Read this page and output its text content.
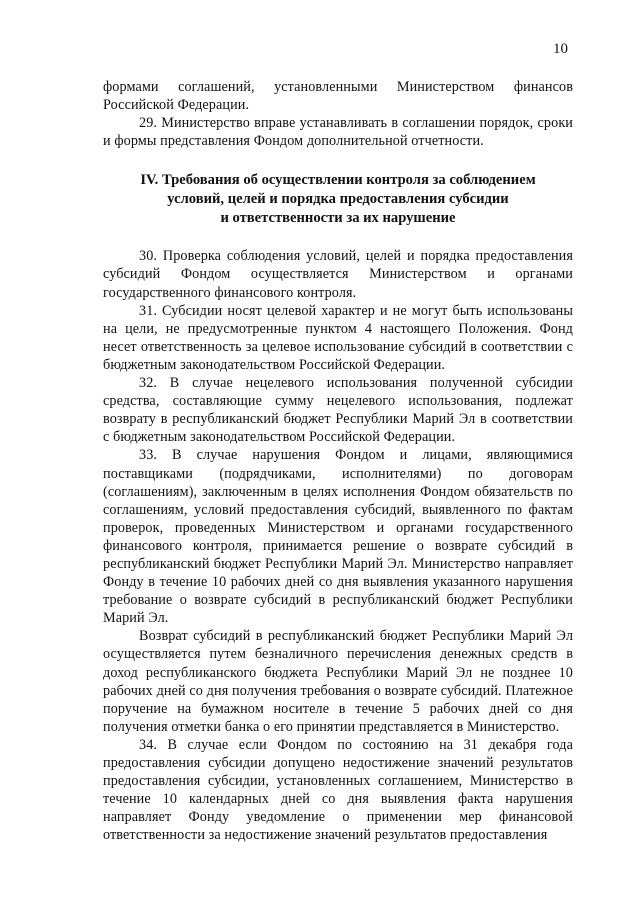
10

формами соглашений, установленными Министерством финансов Российской Федерации.

29. Министерство вправе устанавливать в соглашении порядок, сроки и формы представления Фондом дополнительной отчетности.

IV. Требования об осуществлении контроля за соблюдением
условий, целей и порядка предоставления субсидии
и ответственности за их нарушение

30. Проверка соблюдения условий, целей и порядка предоставления субсидий Фондом осуществляется Министерством и органами государственного финансового контроля.

31. Субсидии носят целевой характер и не могут быть использованы на цели, не предусмотренные пунктом 4 настоящего Положения. Фонд несет ответственность за целевое использование субсидий в соответствии с бюджетным законодательством Российской Федерации.

32. В случае нецелевого использования полученной субсидии средства, составляющие сумму нецелевого использования, подлежат возврату в республиканский бюджет Республики Марий Эл в соответствии с бюджетным законодательством Российской Федерации.

33. В случае нарушения Фондом и лицами, являющимися поставщиками (подрядчиками, исполнителями) по договорам (соглашениям), заключенным в целях исполнения Фондом обязательств по соглашениям, условий предоставления субсидий, выявленного по фактам проверок, проведенных Министерством и органами государственного финансового контроля, принимается решение о возврате субсидий в республиканский бюджет Республики Марий Эл. Министерство направляет Фонду в течение 10 рабочих дней со дня выявления указанного нарушения требование о возврате субсидий в республиканский бюджет Республики Марий Эл.

Возврат субсидий в республиканский бюджет Республики Марий Эл осуществляется путем безналичного перечисления денежных средств в доход республиканского бюджета Республики Марий Эл не позднее 10 рабочих дней со дня получения требования о возврате субсидий. Платежное поручение на бумажном носителе в течение 5 рабочих дней со дня получения отметки банка о его принятии представляется в Министерство.

34. В случае если Фондом по состоянию на 31 декабря года предоставления субсидии допущено недостижение значений результатов предоставления субсидии, установленных соглашением, Министерство в течение 10 календарных дней со дня выявления факта нарушения направляет Фонду уведомление о применении мер финансовой ответственности за недостижение значений результатов предоставления
